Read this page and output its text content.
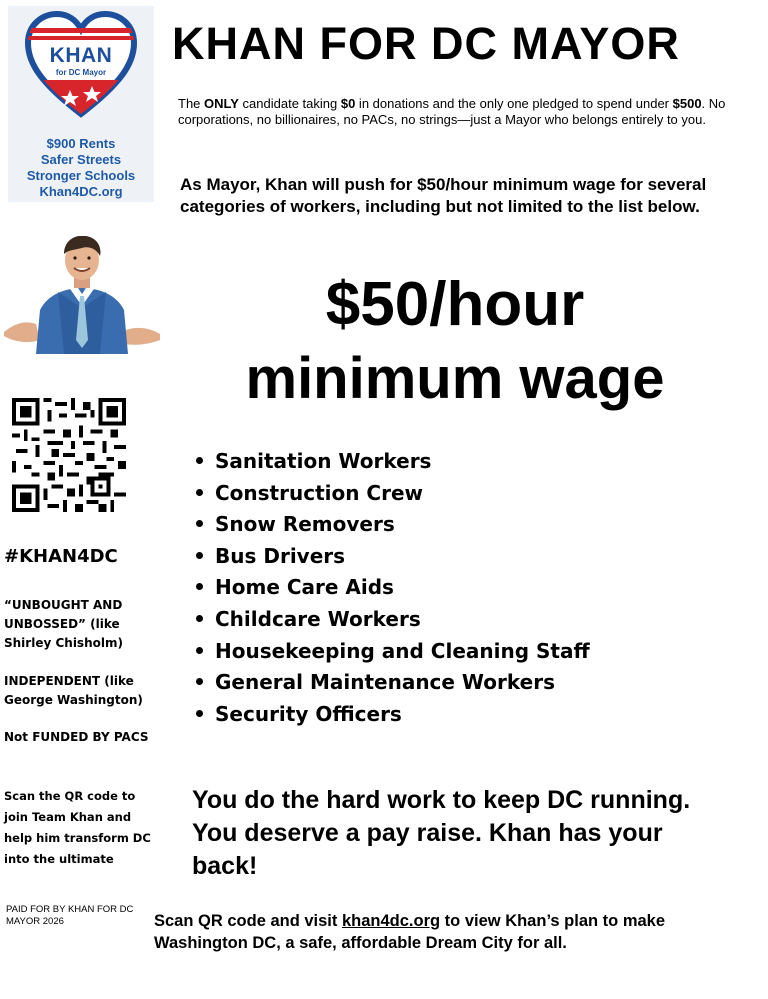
KHAN
for DC Mayor
$900 Rents
Safer Streets
Stronger Schools
Khan4DC.org
KHAN FOR DC MAYOR
The ONLY candidate taking $0 in donations and the only one pledged to spend under $500. No corporations, no billionaires, no PACs, no strings—just a Mayor who belongs entirely to you.
As Mayor, Khan will push for $50/hour minimum wage for several categories of workers, including but not limited to the list below.
$50/hour
minimum wage
Sanitation Workers
Construction Crew
Snow Removers
Bus Drivers
Home Care Aids
Childcare Workers
Housekeeping and Cleaning Staff
General Maintenance Workers
Security Officers
#KHAN4DC
“UNBOUGHT AND UNBOSSED” (like Shirley Chisholm)
INDEPENDENT (like George Washington)
Not FUNDED BY PACS
Scan the QR code to join Team Khan and help him transform DC into the ultimate
PAID FOR BY KHAN FOR DC MAYOR 2026
You do the hard work to keep DC running. You deserve a pay raise. Khan has your back!
Scan QR code and visit khan4dc.org to view Khan’s plan to make Washington DC, a safe, affordable Dream City for all.
